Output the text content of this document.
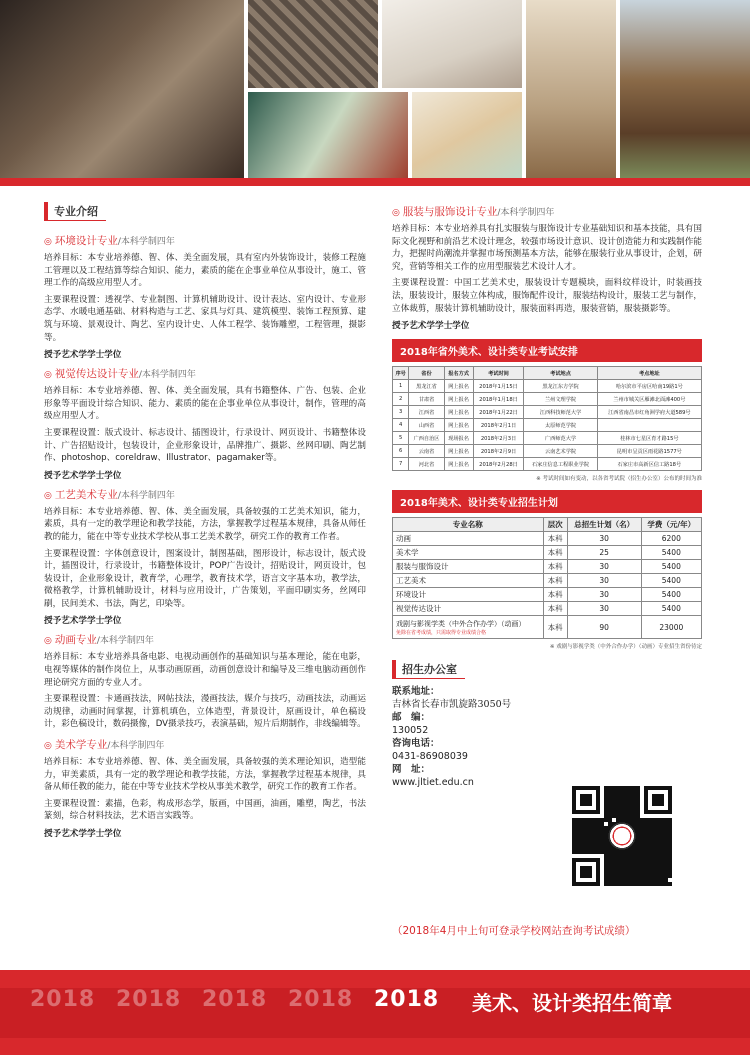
专业介绍
◎ 环境设计专业/本科学制四年

培养目标：本专业培养德、智、体、美全面发展，具有室内外装饰设计，装修工程施工管理以及工程结算等综合知识、能力，素质的能在企事业单位从事设计，施工、管理工作的高级应用型人才。

主要课程设置：透视学、专业制图、计算机辅助设计、设计表达、室内设计、专业形态学、水暖电通基础、材料构造与工艺、家具与灯具、建筑模型、装饰工程预算、建筑与环境、景观设计、陶艺、室内设计史、人体工程学、装饰雕塑，工程管理，摄影等。

授予艺术学学士学位

◎ 视觉传达设计专业/本科学制四年

培养目标：本专业培养德、智、体、美全面发展，具有书籍整体、广告、包装、企业形象等平面设计综合知识、能力、素质的能在企事业单位从事设计，制作，管理的高级应用型人才。

主要课程设置：版式设计、标志设计、插图设计，行录设计、网页设计、书籍整体设计、广告招贴设计，包装设计，企业形象设计，品牌推广、摄影、丝网印刷、陶艺制作、photoshop、coreldraw、Illustrator、pagamaker等。

授予艺术学学士学位

◎ 工艺美术专业/本科学制四年

培养目标：本专业培养德、智、体、美全面发展，具备较强的工艺美术知识，能力，素质，具有一定的教学理论和教学技能，方法，掌握教学过程基本规律，具备从师任教的能力，能在中等专业技术学校从事工艺美术教学，研究工作的教育工作者。

主要课程设置：字体创意设计，图案设计，制图基础，图形设计，标志设计，版式设计，插图设计，行录设计，书籍整体设计，POP广告设计，招贴设计，网页设计，包装设计，企业形象设计，教育学，心理学，教育技术学，语言文字基本功，教学法，微格教学，计算机辅助设计，材料与应用设计，广告策划，平面印刷实务，丝网印刷，民间美术、书法，陶艺，印染等。

授予艺术学学士学位

◎ 动画专业/本科学制四年

培养目标：本专业培养具备电影、电视动画创作的基础知识与基本理论，能在电影，电视等媒体的制作岗位上，从事动画原画，动画创意设计和编导及三维电脑动画创作理论研究方面的专业人才。

主要课程设置：卡通画技法，网帖技法，漫画技法，媒介与技巧，动画技法，动画运动规律，动画时间掌握，计算机填色，立体造型，背景设计，原画设计，单色稿设计，彩色稿设计，数码摄像，DV摄录技巧，表演基础，短片后期制作，非线编辑等。

◎ 美术学专业/本科学制四年

培养目标：本专业培养德、智、体、美全面发展，具备较强的美术理论知识，造型能力，审美素质，具有一定的教学理论和教学技能，方法，掌握教学过程基本规律，具备从师任教的能力，能在中等专业技术学校从事美术教学，研究工作的教育工作者。

主要课程设置：素描，色彩，构成形态学，版画，中国画，油画，雕塑，陶艺，书法篆刻，综合材料技法，艺术语言实践等。

授予艺术学学士学位

◎ 服装与服饰设计专业/本科学制四年

培养目标：本专业培养具有扎实服装与服饰设计专业基础知识和基本技能，具有国际文化视野和前沿艺术设计理念，较强市场设计意识、设计创造能力和实践制作能力，把握时尚潮流并掌握市场预测基本方法，能够在服装行业从事设计，企划，研究，营销等相关工作的应用型服装艺术设计人才。

主要课程设置：中国工艺美术史，服装设计专题模块，面料纹样设计，时装画技法，服装设计，服装立体构成，服饰配件设计，服装结构设计，服装工艺与制作，立体裁剪，服装计算机辅助设计，服装面料再造，服装营销，服装摄影等。

授予艺术学学士学位

2018年省外美术、设计类专业考试安排
序号	省份	报名方式	考试时间	考试地点	考点地址
1	黑龙江省	网上报名	2018年1月15日	黑龙江东方学院	哈尔滨市平房区哈南19路1号
2	甘肃省	网上报名	2018年1月18日	兰州文理学院	兰州市城关区雁滩北面滩400号
3	江西省	网上报名	2018年1月22日	江西科技师范大学	江西省南昌市红角洲学府大道589号
4	山西省	网上报名	2018年2月1日	太原师范学院	
5	广西自治区	现场报名	2018年2月3日	广西师范大学	桂林市七星区育才路15号
6	云南省	网上报名	2018年2月9日	云南艺术学院	昆明市呈贡区雨花路1577号
7	河北省	网上报名	2018年2月28日	石家庄信息工程职业学院	石家庄市高新区信工路18号
※ 考试时间如有变动，以各省考试院（招生办公室）公布的时间为准
2018年美术、设计类专业招生计划
专业名称	层次	总招生计划（名）	学费（元/年）
动画	本科	30	6200
美术学	本科	25	5400
服装与服饰设计	本科	30	5400
工艺美术	本科	30	5400
环境设计	本科	30	5400
视觉传达设计	本科	30	5400

戏剧与影视学类（中外合作办学）（动画）
免除在省考成绩，只需取得专业成绩合格	本科	90	23000
※ 戏剧与影视学类（中外合作办学）（动画）专业招生省份待定
招生办公室
联系地址：
吉林省长春市凯旋路3050号
邮　编：
130052
咨询电话：
0431-86908039
网　址：
www.jltiet.edu.cn
（2018年4月中上旬可登录学校网站查询考试成绩）
2018 2018 2018 2018 2018 美术、设计类招生简章
